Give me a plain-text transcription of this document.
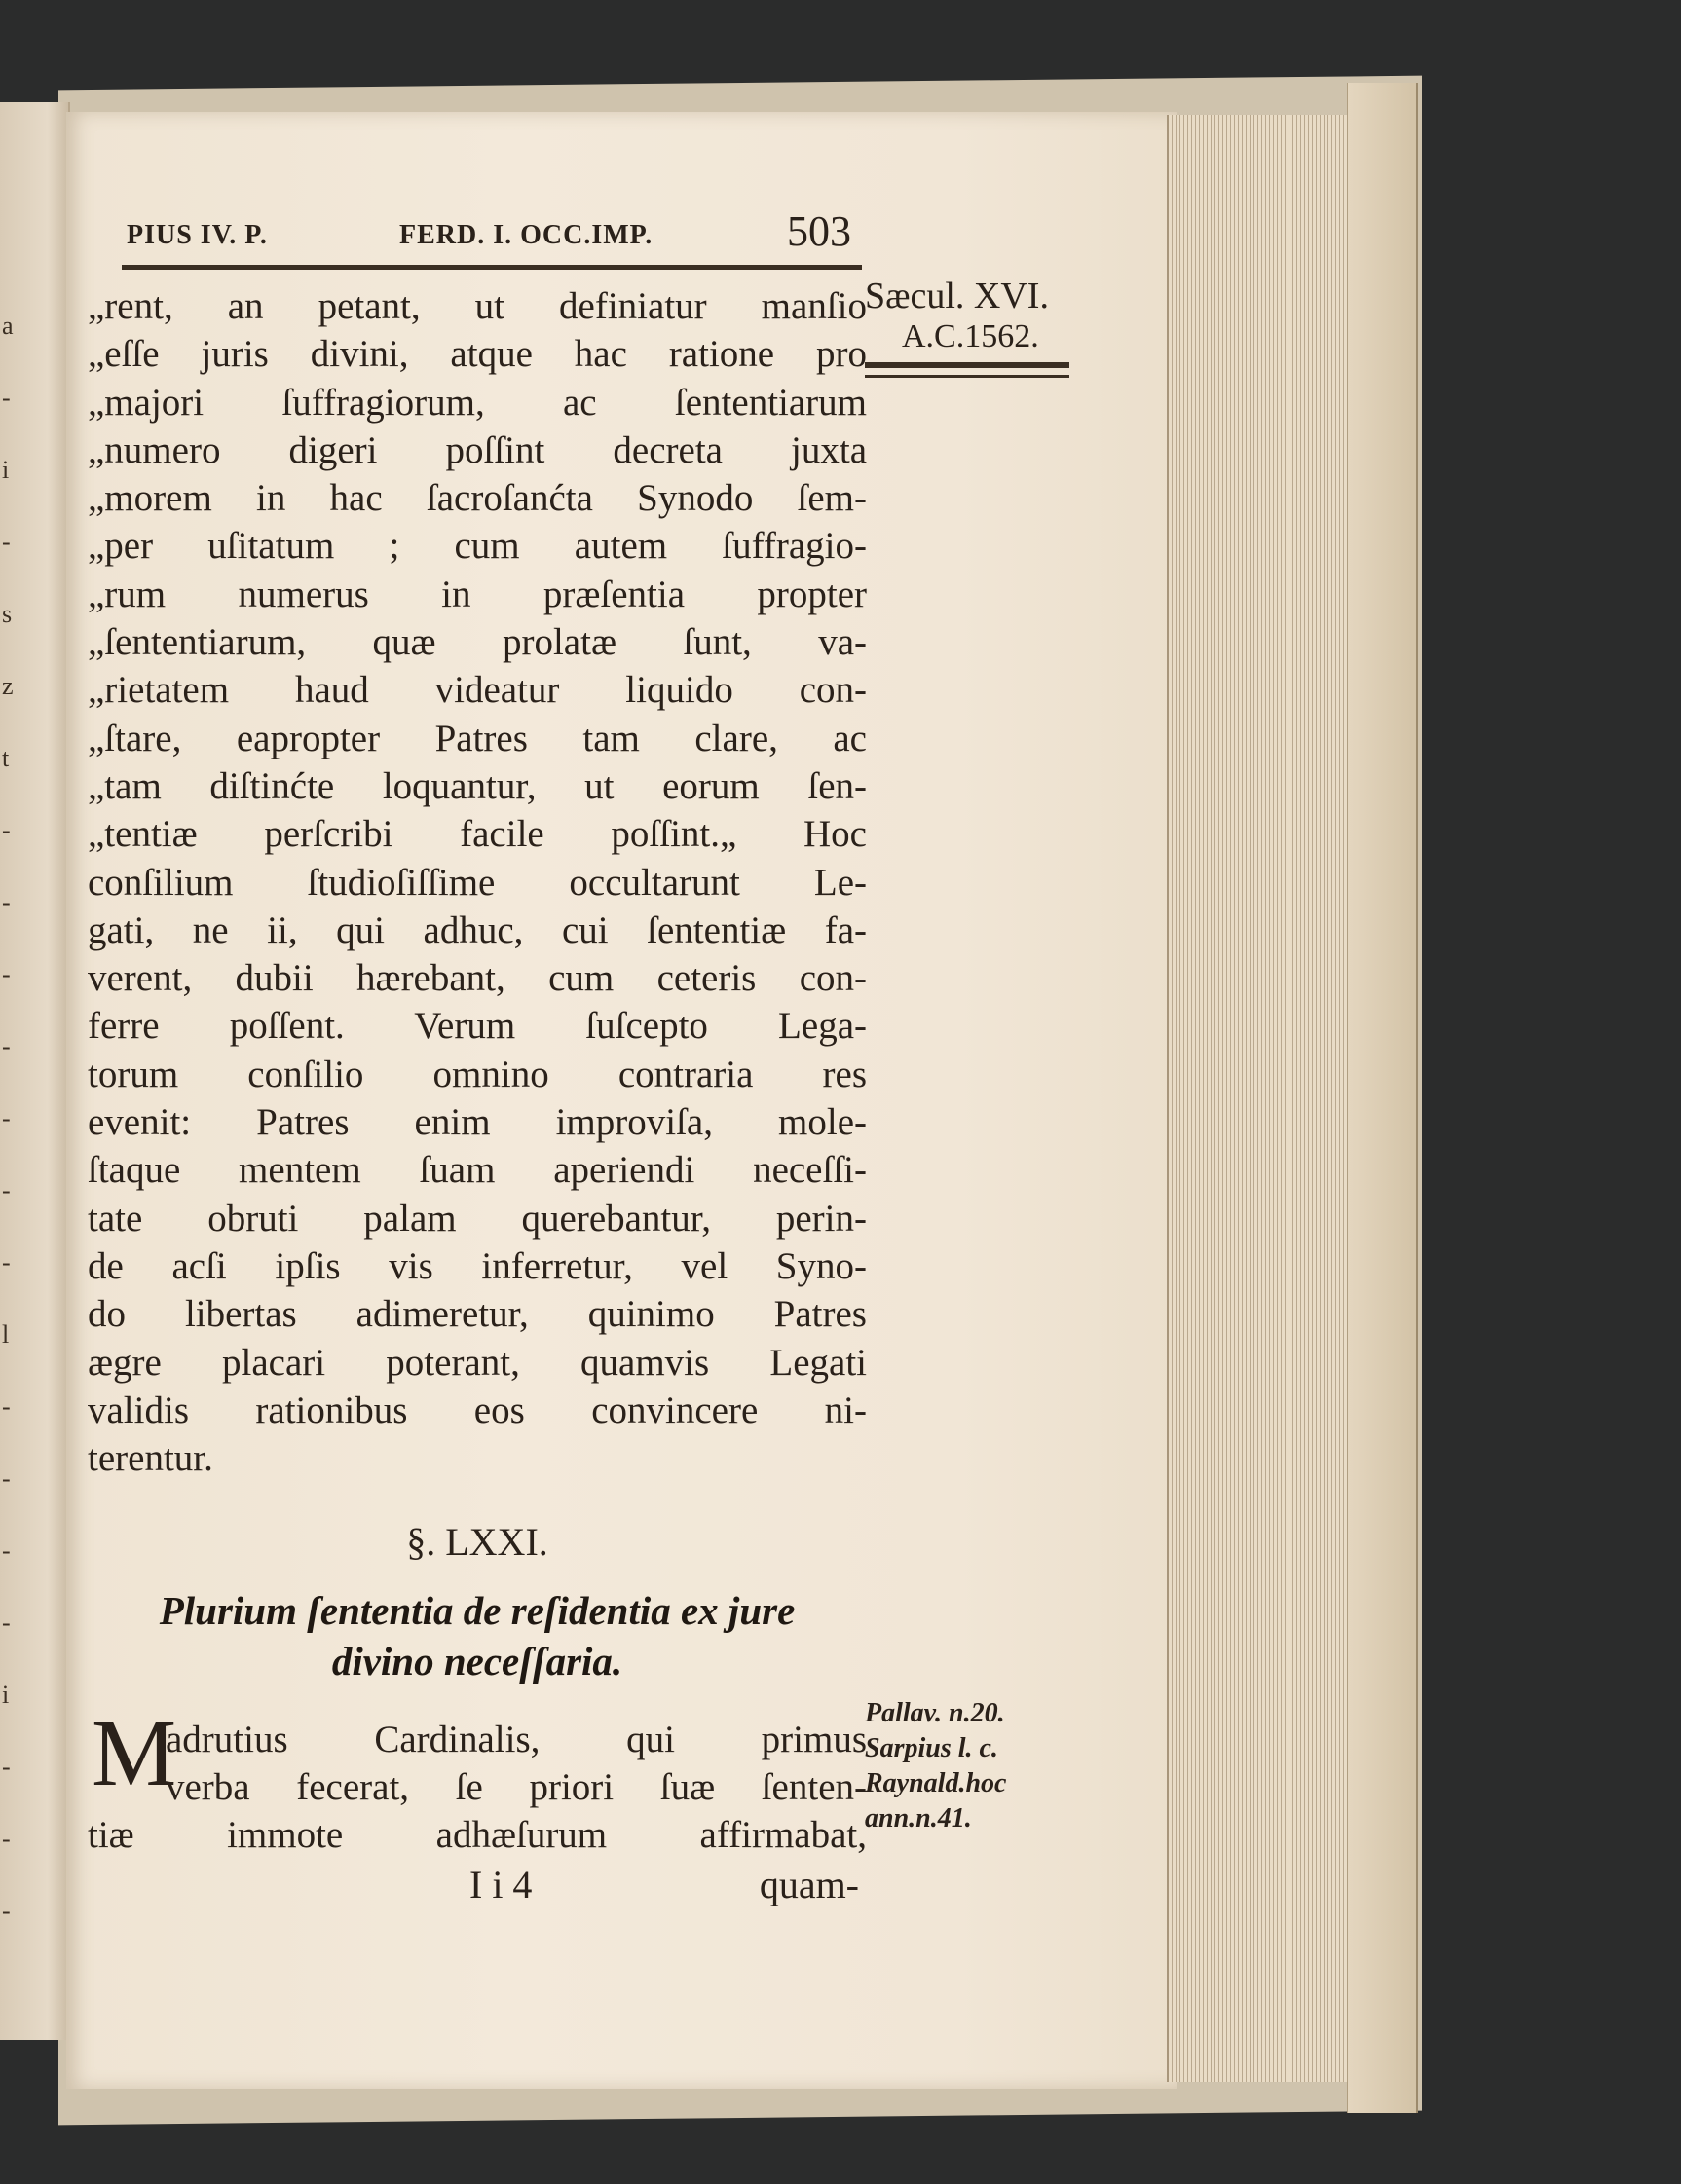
a
-
i
-
s
z
t
-
-
-
-
-
-
-
l
-
-
-
-
i
-
-
-
PIUS IV. P.	FERD. I. OCC.IMP.	503
Sæcul. XVI.
A.C.1562.
„rent, an petant, ut definiatur manſio
„eſſe juris divini, atque hac ratione pro
„majori ſuffragiorum, ac ſententiarum
„numero digeri poſſint decreta juxta
„morem in hac ſacroſanćta Synodo ſem-
„per uſitatum ; cum autem ſuffragio-
„rum numerus in præſentia propter
„ſententiarum, quæ prolatæ ſunt, va-
„rietatem haud videatur liquido con-
„ſtare, eapropter Patres tam clare, ac
„tam diſtinćte loquantur, ut eorum ſen-
„tentiæ perſcribi facile poſſint.„ Hoc
conſilium ſtudioſiſſime occultarunt Le-
gati, ne ii, qui adhuc, cui ſententiæ fa-
verent, dubii hærebant, cum ceteris con-
ferre poſſent. Verum ſuſcepto Lega-
torum conſilio omnino contraria res
evenit: Patres enim improviſa, mole-
ſtaque mentem ſuam aperiendi neceſſi-
tate obruti palam querebantur, perin-
de acſi ipſis vis inferretur, vel Syno-
do libertas adimeretur, quinimo Patres
ægre placari poterant, quamvis Legati
validis rationibus eos convincere ni-
terentur.
§. LXXI.
Plurium ſententia de reſidentia ex jure
divino neceſſaria.
M
adrutius Cardinalis, qui primus
verba fecerat, ſe priori ſuæ ſenten-
tiæ immote adhæſurum affirmabat,
I i 4	quam-
Pallav. n.20.
Sarpius l. c.
Raynald.hoc
ann.n.41.
